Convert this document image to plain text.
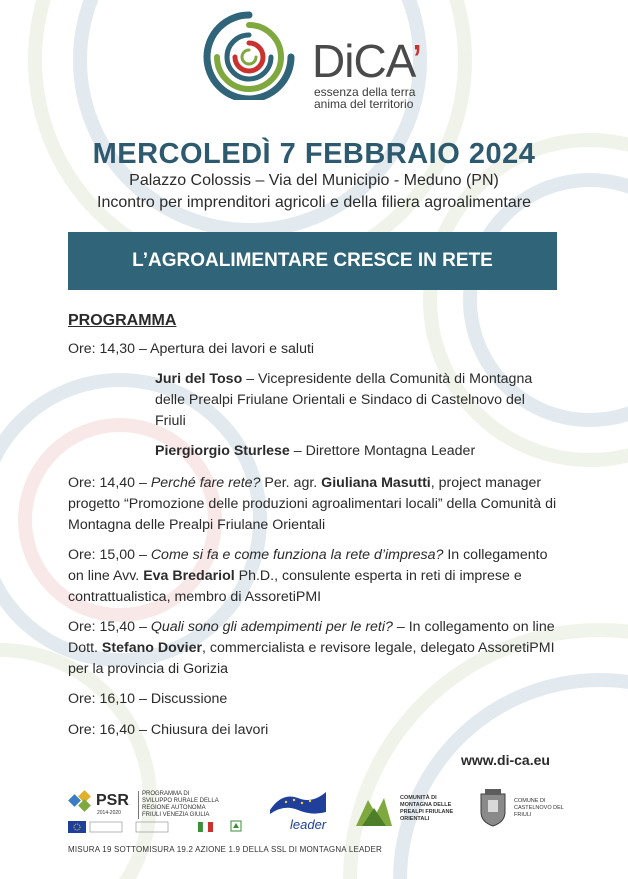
DiCA’
essenza della terra
anima del territorio
MERCOLEDÌ 7 FEBBRAIO 2024
Palazzo Colossis – Via del Municipio - Meduno (PN)
Incontro per imprenditori agricoli e della filiera agroalimentare
L’AGROALIMENTARE CRESCE IN RETE
PROGRAMMA
Ore: 14,30 – Apertura dei lavori e saluti
Juri del Toso – Vicepresidente della Comunità di Montagna delle Prealpi Friulane Orientali e Sindaco di Castelnovo del Friuli
Piergiorgio Sturlese – Direttore Montagna Leader
Ore: 14,40 – Perché fare rete? Per. agr. Giuliana Masutti, project manager progetto “Promozione delle produzioni agroalimentari locali” della Comunità di Montagna delle Prealpi Friulane Orientali
Ore: 15,00 – Come si fa e come funziona la rete d’impresa? In collegamento on line Avv. Eva Bredariol Ph.D., consulente esperta in reti di imprese e contrattualistica, membro di AssoretiPMI
Ore: 15,40 – Quali sono gli adempimenti per le reti? – In collegamento on line Dott. Stefano Dovier, commercialista e revisore legale, delegato AssoretiPMI per la provincia di Gorizia
Ore: 16,10 – Discussione
Ore: 16,40 – Chiusura dei lavori
www.di-ca.eu
PSR
2014-2020
PROGRAMMA DI SVILUPPO RURALE DELLA REGIONE AUTONOMA FRIULI VENEZIA GIULIA
leader
COMUNITÀ DI MONTAGNA DELLE PREALPI FRIULANE ORIENTALI
COMUNE DI CASTELNOVO DEL FRIULI
MISURA 19 SOTTOMISURA 19.2 AZIONE 1.9 DELLA SSL DI MONTAGNA LEADER
